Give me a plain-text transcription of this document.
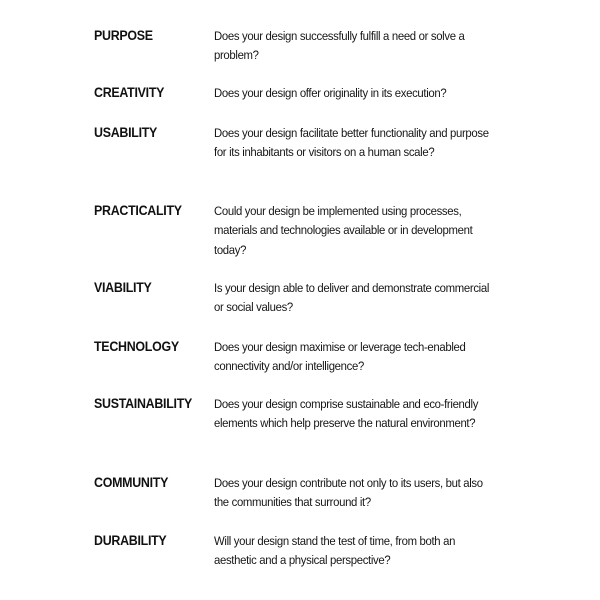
PURPOSE	Does your design successfully fulfill a need or solve a problem?
CREATIVITY	Does your design offer originality in its execution?
USABILITY	Does your design facilitate better functionality and purpose for its inhabitants or visitors on a human scale?
PRACTICALITY	Could your design be implemented using processes, materials and technologies available or in development today?
VIABILITY	Is your design able to deliver and demonstrate commercial or social values?
TECHNOLOGY	Does your design maximise or leverage tech-enabled connectivity and/or intelligence?
SUSTAINABILITY Does your design comprise sustainable and eco-friendly elements which help preserve the natural environment?
COMMUNITY	Does your design contribute not only to its users, but also the communities that surround it?
DURABILITY	Will your design stand the test of time, from both an aesthetic and a physical perspective?
